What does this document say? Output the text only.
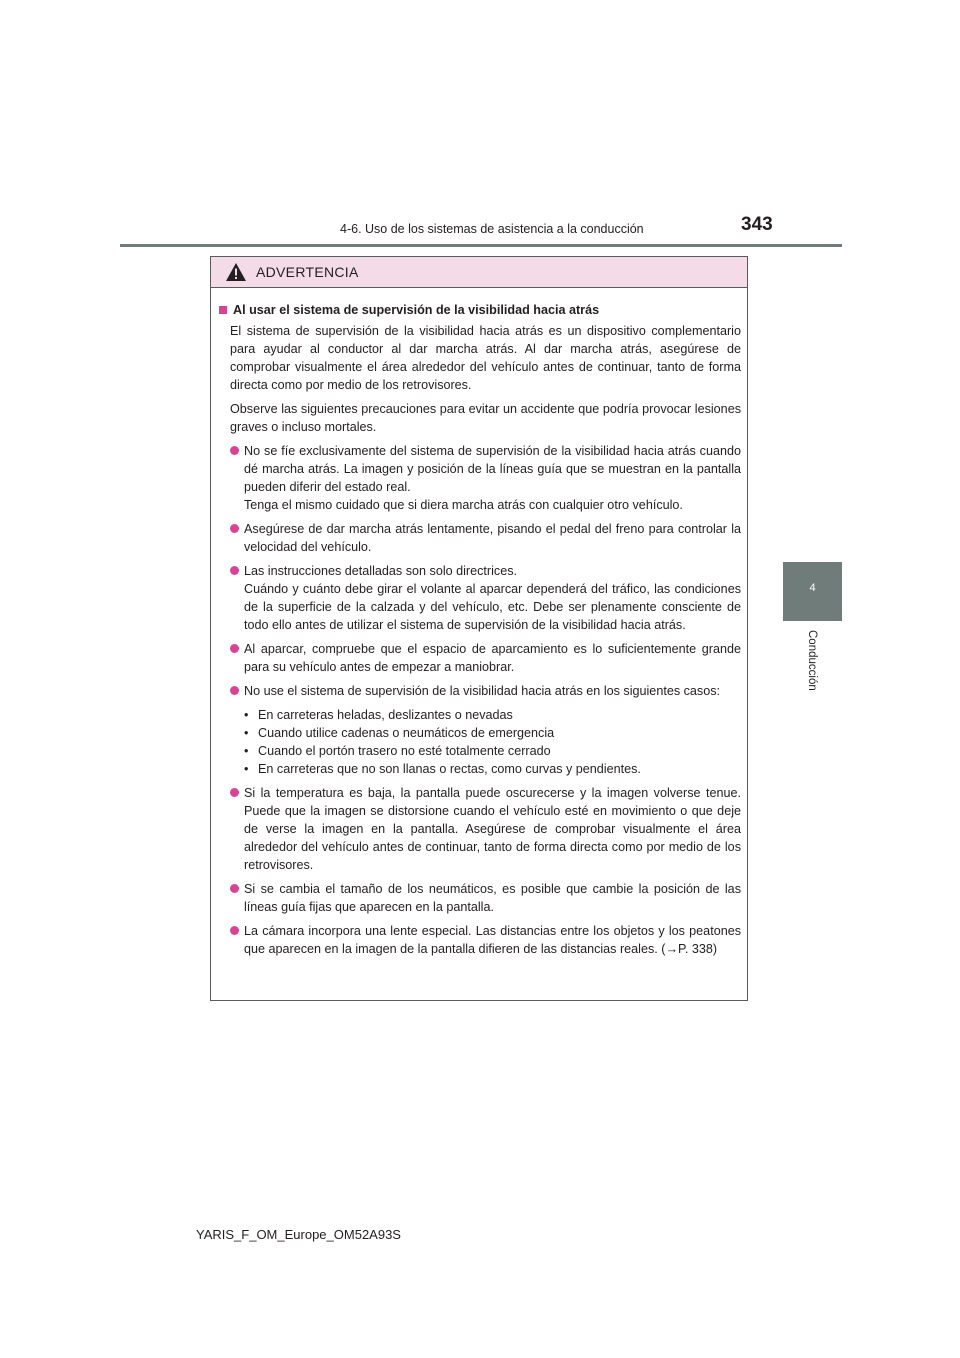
4-6. Uso de los sistemas de asistencia a la conducción	343
4
Conducción
ADVERTENCIA
Al usar el sistema de supervisión de la visibilidad hacia atrás

El sistema de supervisión de la visibilidad hacia atrás es un dispositivo complementario para ayudar al conductor al dar marcha atrás. Al dar marcha atrás, asegúrese de comprobar visualmente el área alrededor del vehículo antes de continuar, tanto de forma directa como por medio de los retrovisores.

Observe las siguientes precauciones para evitar un accidente que podría provocar lesiones graves o incluso mortales.

No se fíe exclusivamente del sistema de supervisión de la visibilidad hacia atrás cuando dé marcha atrás. La imagen y posición de la líneas guía que se muestran en la pantalla pueden diferir del estado real.

Tenga el mismo cuidado que si diera marcha atrás con cualquier otro vehículo.

Asegúrese de dar marcha atrás lentamente, pisando el pedal del freno para controlar la velocidad del vehículo.

Las instrucciones detalladas son solo directrices.

Cuándo y cuánto debe girar el volante al aparcar dependerá del tráfico, las condiciones de la superficie de la calzada y del vehículo, etc. Debe ser plenamente consciente de todo ello antes de utilizar el sistema de supervisión de la visibilidad hacia atrás.

Al aparcar, compruebe que el espacio de aparcamiento es lo suficientemente grande para su vehículo antes de empezar a maniobrar.

No use el sistema de supervisión de la visibilidad hacia atrás en los siguientes casos:

• En carreteras heladas, deslizantes o nevadas
• Cuando utilice cadenas o neumáticos de emergencia
• Cuando el portón trasero no esté totalmente cerrado
• En carreteras que no son llanas o rectas, como curvas y pendientes.

Si la temperatura es baja, la pantalla puede oscurecerse y la imagen volverse tenue. Puede que la imagen se distorsione cuando el vehículo esté en movimiento o que deje de verse la imagen en la pantalla. Asegúrese de comprobar visualmente el área alrededor del vehículo antes de continuar, tanto de forma directa como por medio de los retrovisores.

Si se cambia el tamaño de los neumáticos, es posible que cambie la posición de las líneas guía fijas que aparecen en la pantalla.

La cámara incorpora una lente especial. Las distancias entre los objetos y los peatones que aparecen en la imagen de la pantalla difieren de las distancias reales. (→P. 338)

YARIS_F_OM_Europe_OM52A93S
